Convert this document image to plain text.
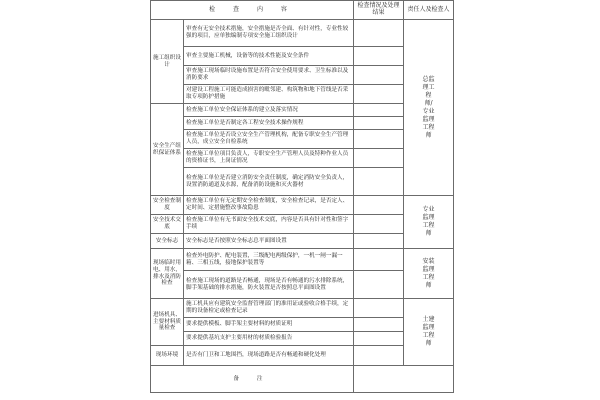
检 查 内 容		检查情况及处理结果	责任人及检查人
施工组织设计	审查有无安全技术措施，安全措施是否全面、有针对性，专业性较强的项目，应单独编制专项安全施工组织设计		总监理工程师/专业监理工程师
	审查主要施工机械，设备等的技术性能及安全条件		
	审查施工现场临时设施布置是否符合安全使用要求、卫生标准以及消防要求		
	对建设工程施工可能造成损害的毗邻建、构筑物和地下管线是否采取专项防护措施		
安全生产组织保证体系	检查施工单位安全保证体系的建立及落实情况		
	检查施工单位是否制定各工程安全技术操作规程		
	检查施工单位是否设立安全生产管理机构，配备专职安全生产管理人员，成立安全自检系统		
	检查施工单位项目负责人，专职安全生产管理人员及特种作业人员的资格证书，上岗证情况		
	检查施工单位是否建立消防安全责任制度，确定消防安全负责人，设置消防通道及水源，配备消防设施和灭火器材		
安全检查制度	检查施工单位有无定期安全检查制度，安全检查记录，是否定人、定时间、定措施整改事故隐患		专业监理工程师
安全技术交底	检查施工单位有无书面安全技术交底，内容是否具有针对性和签字手续		
安全标志	安全标志是否按照安全标志总平面图设置		
现场临时用电、用水，排水及消防检查	检查外电防护、配电装置，三级配电两级保护，一机一闸一漏一箱、三相五线，接地保护装置等		安装监理工程师
	检查施工现场的道路是否畅通，现场是否有畅通的污水排除系统，脚手架基础的排水措施，防火装置是否按照总平面图设置		
进场机具、主要材料质量检查	施工机具应有建筑安全监督管理部门的准用证或验收合格手续，定期的设备检定或检查记录		土建监理工程师
	要求提供模板、脚手架主要材料的材质证明		
	要求提供基坑支护主要用材的材质检验报告		
现场环境	是否有门卫和工地围挡，现场道路是否有畅通和硬化处理		
备 注			
